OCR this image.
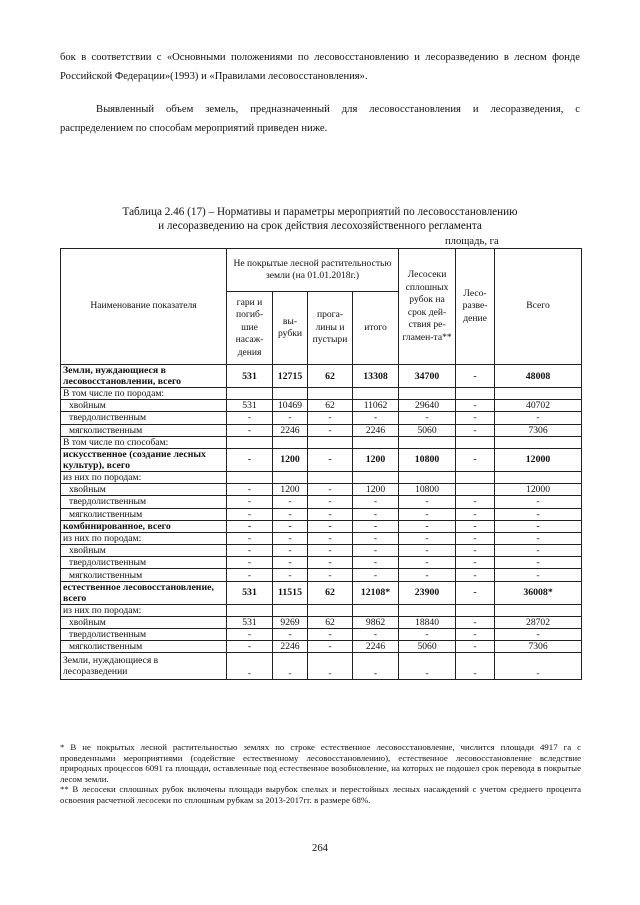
бок в соответствии с «Основными положениями по лесовосстановлению и лесоразведению в лесном фонде Российской Федерации»(1993) и «Правилами лесовосстановления».

Выявленный объем земель, предназначенный для лесовосстановления и лесоразведения, с распределением по способам мероприятий приведен ниже.

Таблица 2.46 (17) – Нормативы и параметры мероприятий по лесовосстановлению
и лесоразведению на срок действия лесохозяйственного регламента
площадь, га
Наименование показателя	Не покрытые лесной растительностью земли (на 01.01.2018г.)				Лесосеки сплошных рубок на срок дей-ствия ре-гламен-та**	Лесо-разве-дение	Всего
	гари и погиб-шие насаж-дения	вы-рубки	прога-лины и пустыри	итого			
Земли, нуждающиеся в лесовосстановлении, всего	531	12715	62	13308	34700	-	48008
В том числе по породам:							
хвойным	531	10469	62	11062	29640	-	40702
твердолиственным	-	-	-	-	-	-	-
мягколиственным	-	2246	-	2246	5060	-	7306
В том числе по способам:							
искусственное (создание лесных культур), всего	-	1200	-	1200	10800	-	12000
из них по породам:							
хвойным	-	1200	-	1200	10800		12000
твердолиственным	-	-	-	-	-	-	-
мягколиственным	-	-	-	-	-	-	-
комбинированное, всего	-	-	-	-	-	-	-
из них по породам:	-	-	-	-	-	-	-
хвойным	-	-	-	-	-	-	-
твердолиственным	-	-	-	-	-	-	-
мягколиственным	-	-	-	-	-	-	-
естественное лесовосстановление, всего	531	11515	62	12108*	23900	-	36008*
из них по породам:							
хвойным	531	9269	62	9862	18840	-	28702
твердолиственным	-	-	-	-	-	-	-
мягколиственным	-	2246	-	2246	5060	-	7306
Земли, нуждающиеся в лесоразведении	-	-	-	-	-	-	-

* В не покрытых лесной растительностью землях по строке естественное лесовосстановление, числится площади 4917 га с проведенными мероприятиями (содействие естественному лесовосстановлению), естественное лесовосстановление вследствие природных процессов 6091 га площади, оставленные под естественное возобновление, на которых не подошел срок перевода в покрытые лесом земли.

** В лесосеки сплошных рубок включены площади вырубок спелых и перестойных лесных насаждений с учетом среднего процента освоения расчетной лесосеки по сплошным рубкам за 2013-2017гг. в размере 68%.

264
